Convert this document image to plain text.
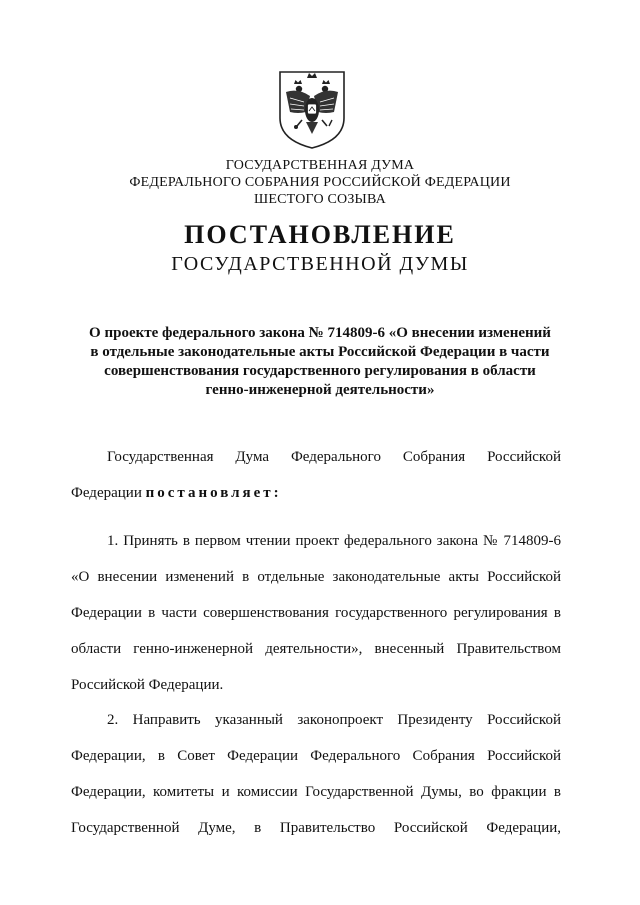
ГОСУДАРСТВЕННАЯ ДУМА
ФЕДЕРАЛЬНОГО СОБРАНИЯ РОССИЙСКОЙ ФЕДЕРАЦИИ
ШЕСТОГО СОЗЫВА
ПОСТАНОВЛЕНИЕ
ГОСУДАРСТВЕННОЙ ДУМЫ
О проекте федерального закона № 714809-6 «О внесении изменений
в отдельные законодательные акты Российской Федерации в части
совершенствования государственного регулирования в области
генно-инженерной деятельности»
Государственная Дума Федерального Собрания Российской
Федерации постановляет:
1. Принять в первом чтении проект федерального закона № 714809-6
«О внесении изменений в отдельные законодательные акты Российской
Федерации в части совершенствования государственного регулирования в
области генно-инженерной деятельности», внесенный Правительством
Российской Федерации.
2. Направить указанный законопроект Президенту Российской
Федерации, в Совет Федерации Федерального Собрания Российской
Федерации, комитеты и комиссии Государственной Думы, во фракции в
Государственной Думе, в Правительство Российской Федерации,
